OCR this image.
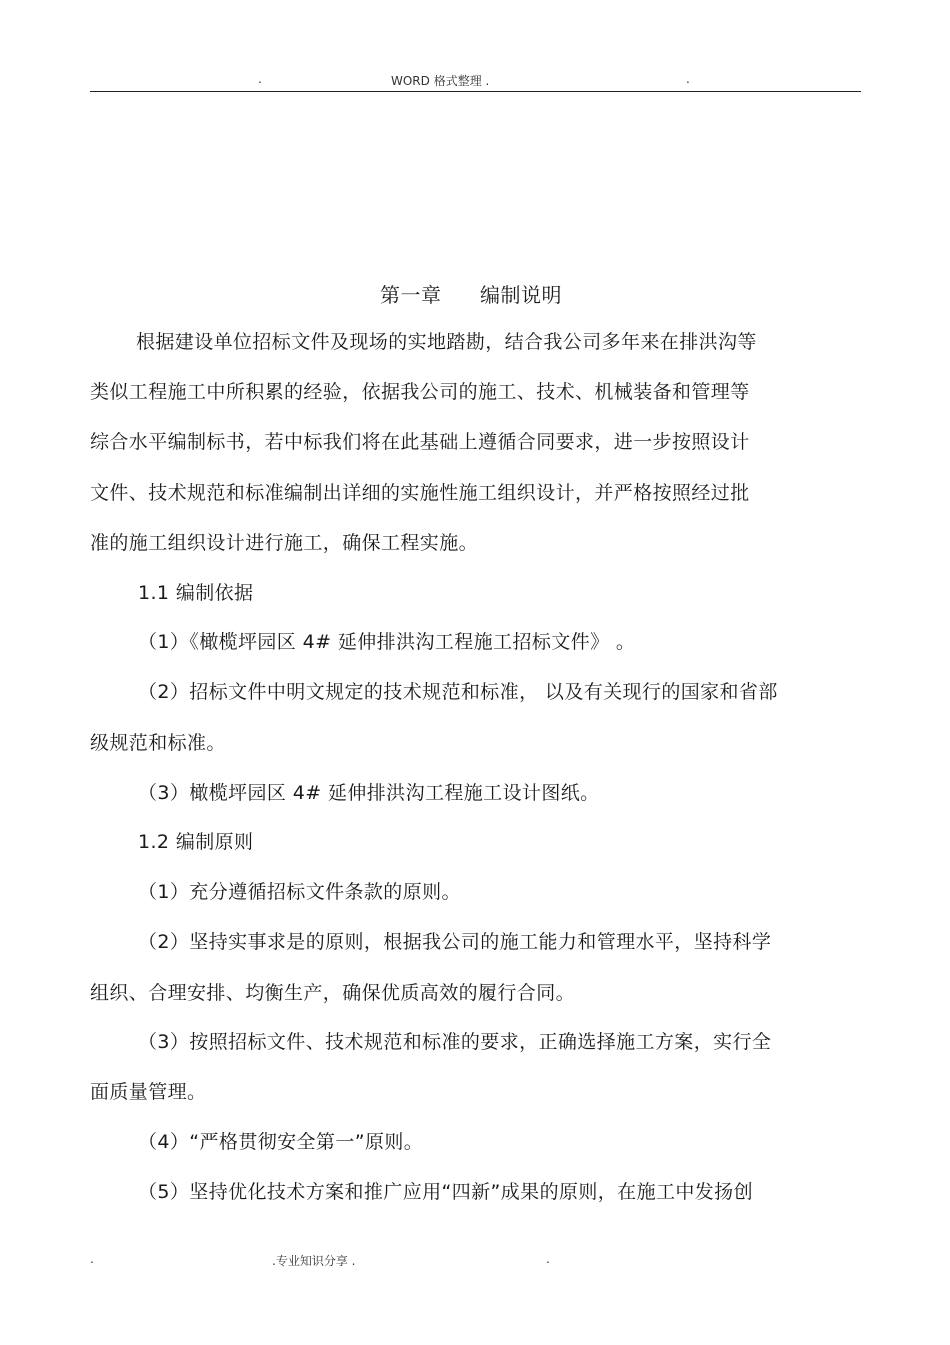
.	WORD 格式整理 .	.
第一章 编制说明
根据建设单位招标文件及现场的实地踏勘，结合我公司多年来在排洪沟等
类似工程施工中所积累的经验，依据我公司的施工、技术、机械装备和管理等
综合水平编制标书，若中标我们将在此基础上遵循合同要求，进一步按照设计
文件、技术规范和标准编制出详细的实施性施工组织设计，并严格按照经过批
准的施工组织设计进行施工，确保工程实施。
1.1 编制依据
（1）《橄榄坪园区 4# 延伸排洪沟工程施工招标文件》 。
（2）招标文件中明文规定的技术规范和标准， 以及有关现行的国家和省部
级规范和标准。
（3）橄榄坪园区 4# 延伸排洪沟工程施工设计图纸。
1.2 编制原则
（1）充分遵循招标文件条款的原则。
（2）坚持实事求是的原则，根据我公司的施工能力和管理水平，坚持科学
组织、合理安排、均衡生产，确保优质高效的履行合同。
（3）按照招标文件、技术规范和标准的要求，正确选择施工方案，实行全
面质量管理。
（4）“严格贯彻安全第一”原则。
（5）坚持优化技术方案和推广应用“四新”成果的原则，在施工中发扬创
.	.专业知识分享 .	.
